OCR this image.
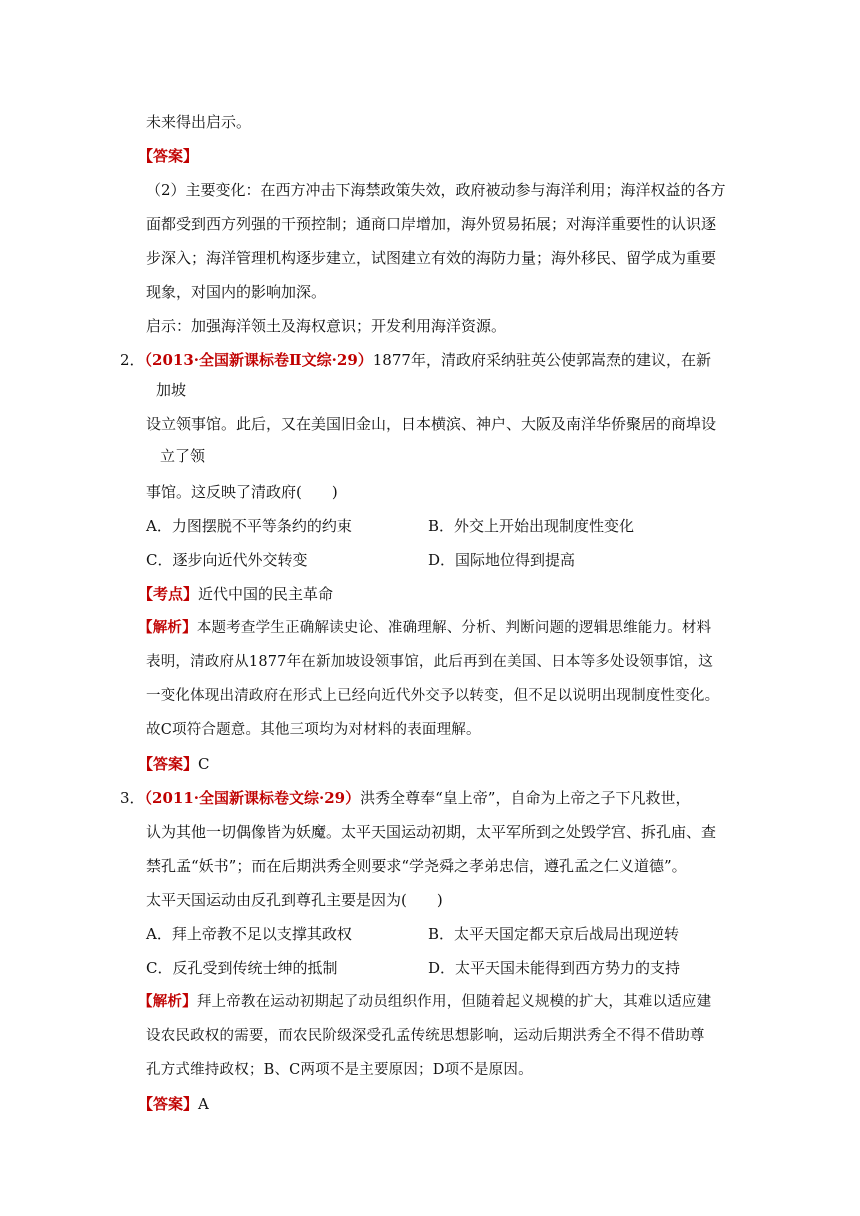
未来得出启示。
【答案】
（2）主要变化：在西方冲击下海禁政策失效，政府被动参与海洋利用；海洋权益的各方
面都受到西方列强的干预控制；通商口岸增加，海外贸易拓展；对海洋重要性的认识逐
步深入；海洋管理机构逐步建立，试图建立有效的海防力量；海外移民、留学成为重要
现象，对国内的影响加深。
启示：加强海洋领土及海权意识；开发利用海洋资源。
2．（2013·全国新课标卷Ⅱ文综·29）1877年，清政府采纳驻英公使郭嵩焘的建议，在新
加坡
设立领事馆。此后，又在美国旧金山，日本横滨、神户、大阪及南洋华侨聚居的商埠设
立了领
事馆。这反映了清政府(　　)
A．力图摆脱不平等条约的约束	B．外交上开始出现制度性变化
C．逐步向近代外交转变	D．国际地位得到提高
【考点】近代中国的民主革命
【解析】本题考查学生正确解读史论、准确理解、分析、判断问题的逻辑思维能力。材料
表明，清政府从1877年在新加坡设领事馆，此后再到在美国、日本等多处设领事馆，这
一变化体现出清政府在形式上已经向近代外交予以转变，但不足以说明出现制度性变化。
故C项符合题意。其他三项均为对材料的表面理解。
【答案】C
3．（2011·全国新课标卷文综·29）洪秀全尊奉“皇上帝”，自命为上帝之子下凡救世，
认为其他一切偶像皆为妖魔。太平天国运动初期，太平军所到之处毁学宫、拆孔庙、查
禁孔孟“妖书”；而在后期洪秀全则要求“学尧舜之孝弟忠信，遵孔孟之仁义道德”。
太平天国运动由反孔到尊孔主要是因为(　　)
A．拜上帝教不足以支撑其政权	B．太平天国定都天京后战局出现逆转
C．反孔受到传统士绅的抵制	D．太平天国未能得到西方势力的支持
【解析】拜上帝教在运动初期起了动员组织作用，但随着起义规模的扩大，其难以适应建
设农民政权的需要，而农民阶级深受孔孟传统思想影响，运动后期洪秀全不得不借助尊
孔方式维持政权；B、C两项不是主要原因；D项不是原因。
【答案】A
